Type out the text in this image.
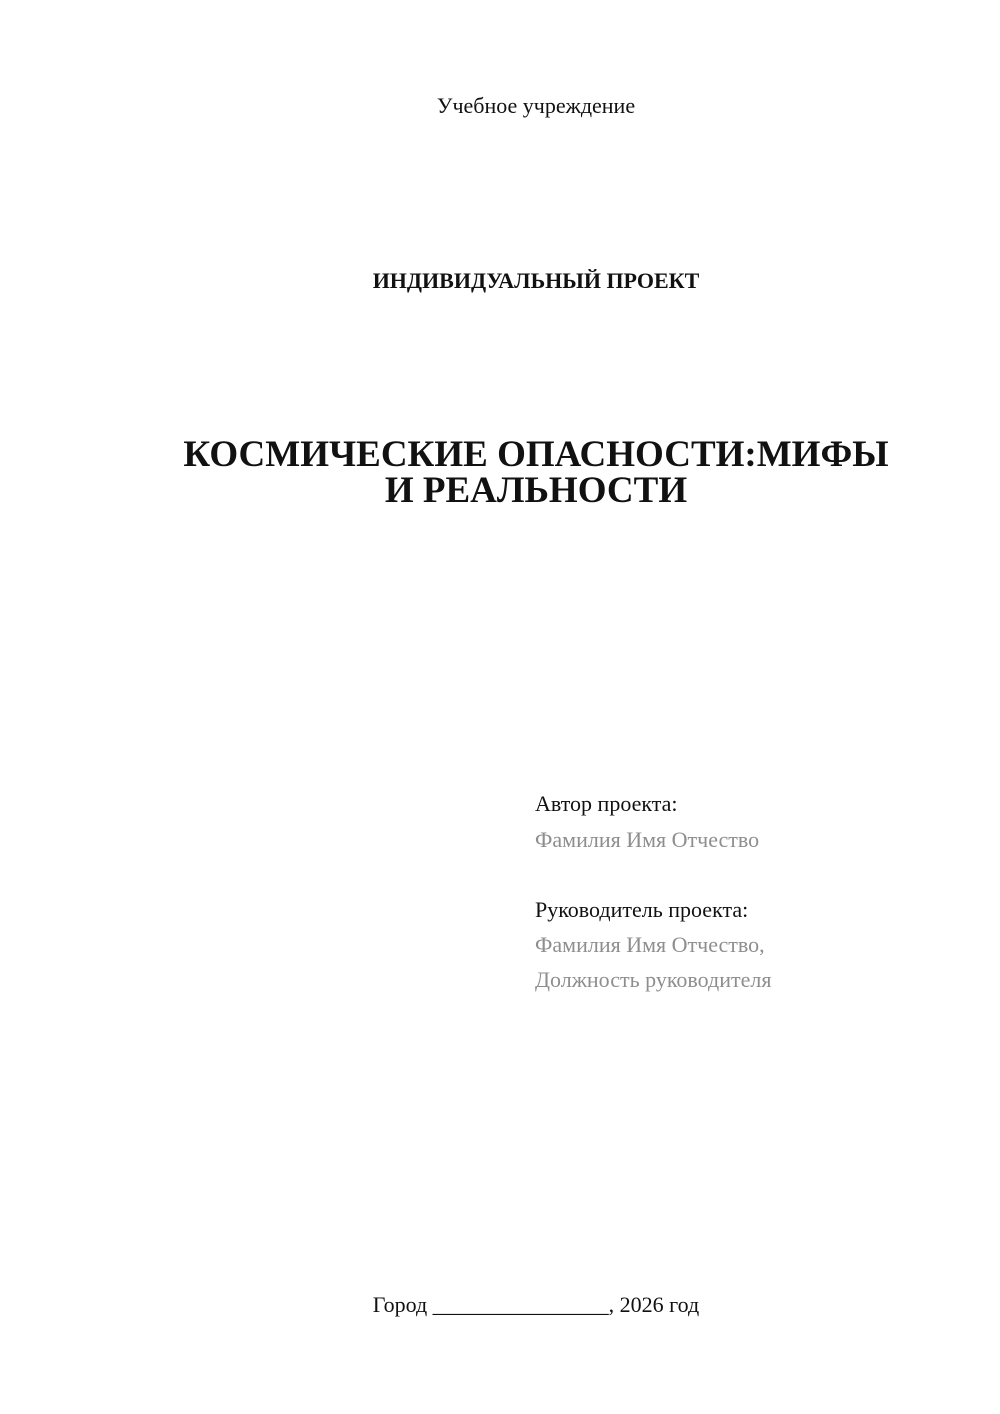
Учебное учреждение
ИНДИВИДУАЛЬНЫЙ ПРОЕКТ
КОСМИЧЕСКИЕ ОПАСНОСТИ:МИФЫ
И РЕАЛЬНОСТИ
Автор проекта:
Фамилия Имя Отчество
Руководитель проекта:
Фамилия Имя Отчество,
Должность руководителя
Город ________________, 2026 год
